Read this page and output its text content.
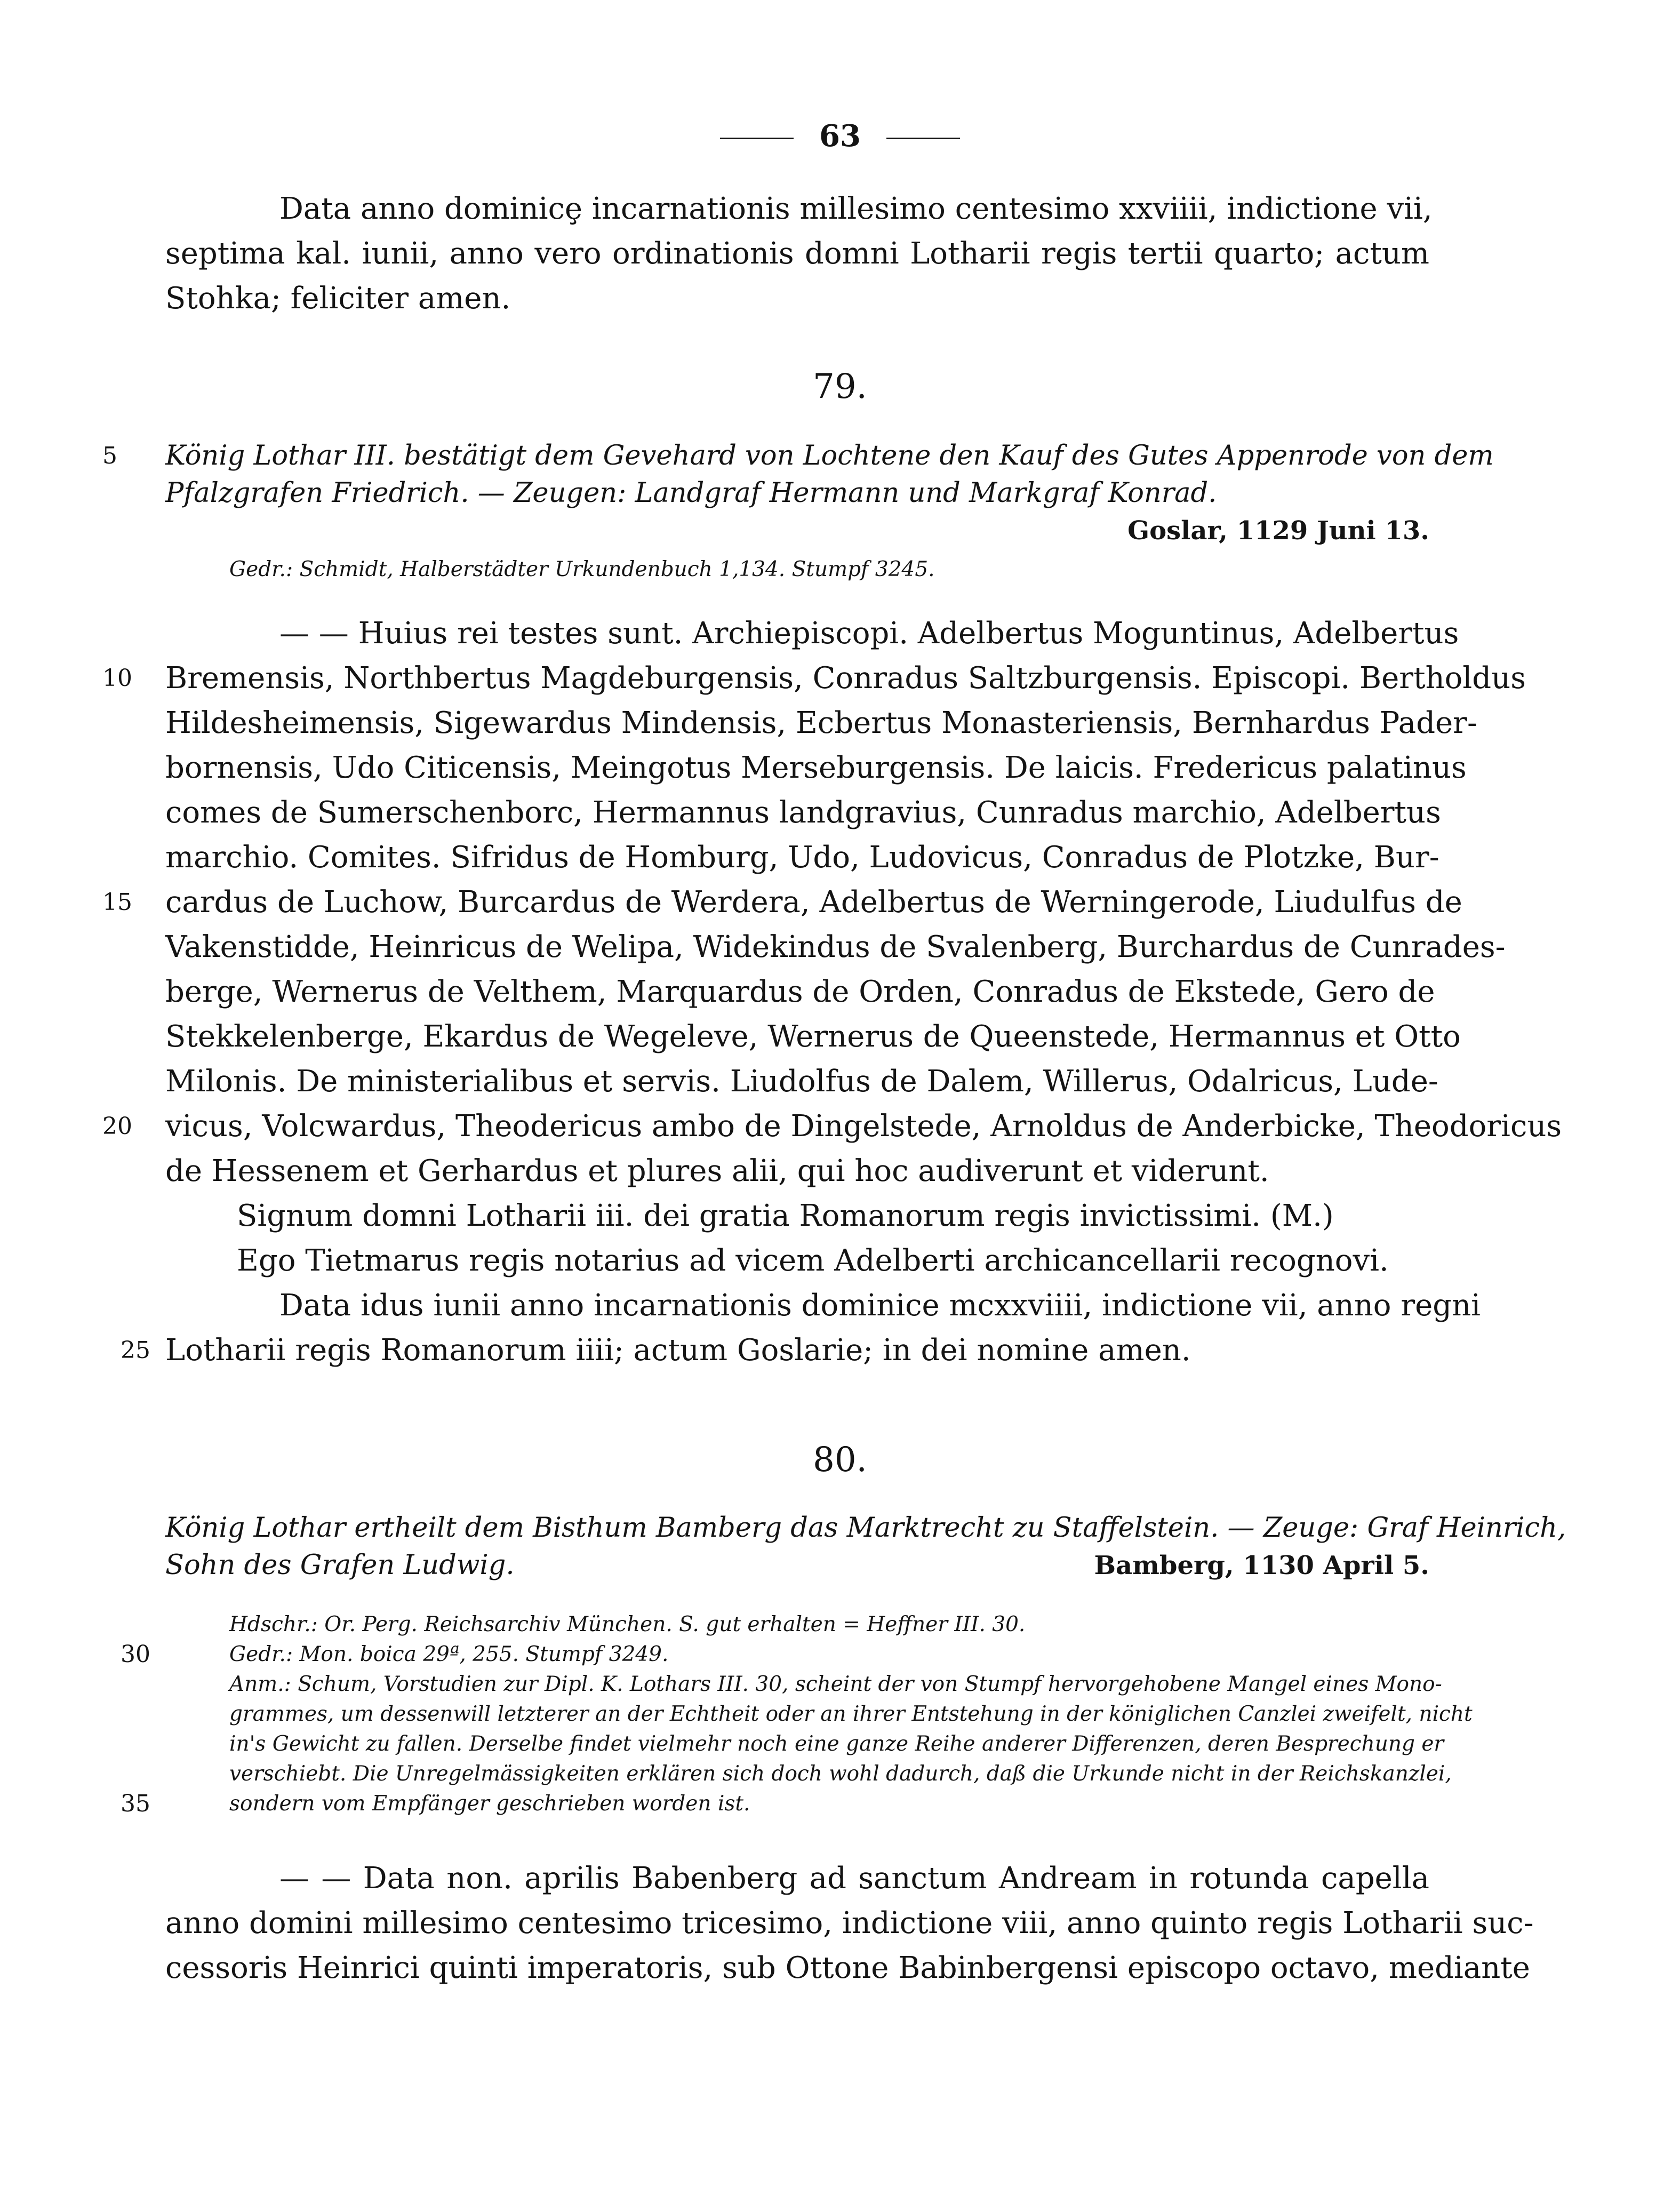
63
Data anno dominicȩ incarnationis millesimo centesimo xxviiii, indictione vii,
septima kal. iunii, anno vero ordinationis domni Lotharii regis tertii quarto; actum
Stohka; feliciter amen.
79.
5	König Lothar III. bestätigt dem Gevehard von Lochtene den Kauf des Gutes Appenrode von dem
Pfalzgrafen Friedrich. — Zeugen: Landgraf Hermann und Markgraf Konrad.
Goslar, 1129 Juni 13.
Gedr.: Schmidt, Halberstädter Urkundenbuch 1,134. Stumpf 3245.
— — Huius rei testes sunt. Archiepiscopi. Adelbertus Moguntinus, Adelbertus
10	Bremensis, Northbertus Magdeburgensis, Conradus Saltzburgensis. Episcopi. Bertholdus
Hildesheimensis, Sigewardus Mindensis, Ecbertus Monasteriensis, Bernhardus Pader-
bornensis, Udo Citicensis, Meingotus Merseburgensis. De laicis. Fredericus palatinus
comes de Sumerschenborc, Hermannus landgravius, Cunradus marchio, Adelbertus
marchio. Comites. Sifridus de Homburg, Udo, Ludovicus, Conradus de Plotzke, Bur-
15	cardus de Luchow, Burcardus de Werdera, Adelbertus de Werningerode, Liudulfus de
Vakenstidde, Heinricus de Welipa, Widekindus de Svalenberg, Burchardus de Cunrades-
berge, Wernerus de Velthem, Marquardus de Orden, Conradus de Ekstede, Gero de
Stekkelenberge, Ekardus de Wegeleve, Wernerus de Queenstede, Hermannus et Otto
Milonis. De ministerialibus et servis. Liudolfus de Dalem, Willerus, Odalricus, Lude-
20	vicus, Volcwardus, Theodericus ambo de Dingelstede, Arnoldus de Anderbicke, Theodoricus
de Hessenem et Gerhardus et plures alii, qui hoc audiverunt et viderunt.
Signum domni Lotharii iii. dei gratia Romanorum regis invictissimi. (M.)
Ego Tietmarus regis notarius ad vicem Adelberti archicancellarii recognovi.
Data idus iunii anno incarnationis dominice mcxxviiii, indictione vii, anno regni
25 Lotharii regis Romanorum iiii; actum Goslarie; in dei nomine amen.
80.
König Lothar ertheilt dem Bisthum Bamberg das Marktrecht zu Staffelstein. — Zeuge: Graf Heinrich,
Sohn des Grafen Ludwig.	Bamberg, 1130 April 5.
Hdschr.: Or. Perg. Reichsarchiv München. S. gut erhalten = Heffner III. 30.
30	Gedr.: Mon. boica 29ª, 255. Stumpf 3249.
Anm.: Schum, Vorstudien zur Dipl. K. Lothars III. 30, scheint der von Stumpf hervorgehobene Mangel eines Mono-
grammes, um dessenwill letzterer an der Echtheit oder an ihrer Entstehung in der königlichen Canzlei zweifelt, nicht
in's Gewicht zu fallen. Derselbe findet vielmehr noch eine ganze Reihe anderer Differenzen, deren Besprechung er
verschiebt. Die Unregelmässigkeiten erklären sich doch wohl dadurch, daß die Urkunde nicht in der Reichskanzlei,
35	sondern vom Empfänger geschrieben worden ist.
— — Data non. aprilis Babenberg ad sanctum Andream in rotunda capella
anno domini millesimo centesimo tricesimo, indictione viii, anno quinto regis Lotharii suc-
cessoris Heinrici quinti imperatoris, sub Ottone Babinbergensi episcopo octavo, mediante
